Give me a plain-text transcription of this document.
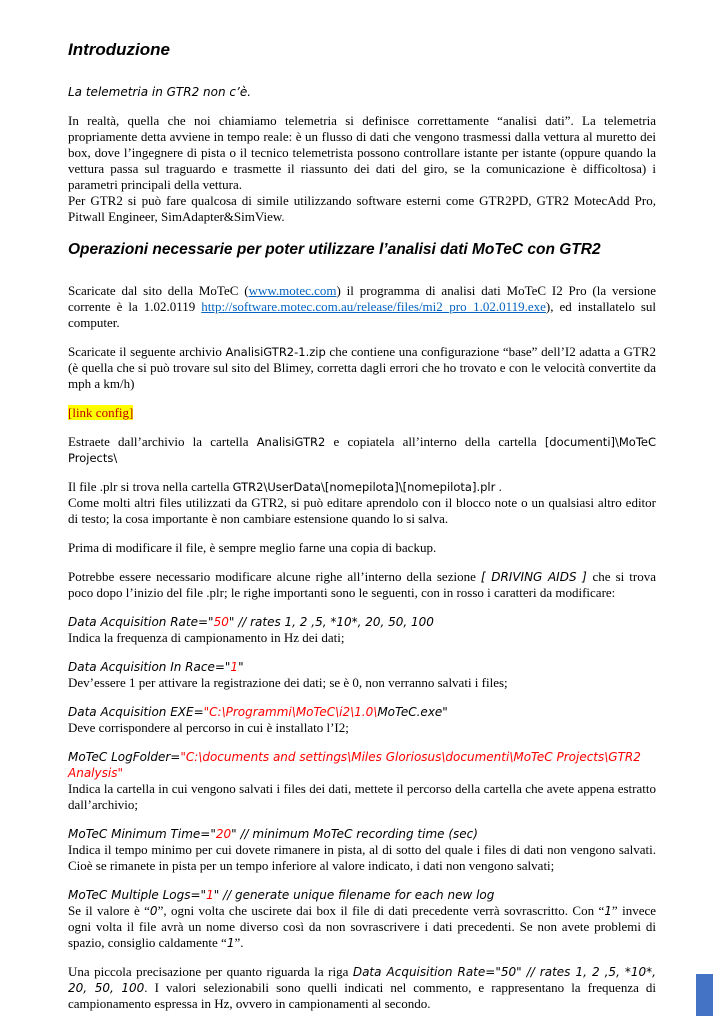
Introduzione

La telemetria in GTR2 non c’è.

In realtà, quella che noi chiamiamo telemetria si definisce correttamente “analisi dati”. La telemetria propriamente detta avviene in tempo reale: è un flusso di dati che vengono trasmessi dalla vettura al muretto dei box, dove l’ingegnere di pista o il tecnico telemetrista possono controllare istante per istante (oppure quando la vettura passa sul traguardo e trasmette il riassunto dei dati del giro, se la comunicazione è difficoltosa) i parametri principali della vettura.
Per GTR2 si può fare qualcosa di simile utilizzando software esterni come GTR2PD, GTR2 MotecAdd Pro, Pitwall Engineer, SimAdapter&SimView.

Operazioni necessarie per poter utilizzare l’analisi dati MoTeC con GTR2

Scaricate dal sito della MoTeC (www.motec.com) il programma di analisi dati MoTeC I2 Pro (la versione corrente è la 1.02.0119 http://software.motec.com.au/release/files/mi2_pro_1.02.0119.exe), ed installatelo sul computer.

Scaricate il seguente archivio AnalisiGTR2-1.zip che contiene una configurazione “base” dell’I2 adatta a GTR2 (è quella che si può trovare sul sito del Blimey, corretta dagli errori che ho trovato e con le velocità convertite da mph a km/h)

[link config]

Estraete dall’archivio la cartella AnalisiGTR2 e copiatela all’interno della cartella [documenti]\MoTeC Projects\

Il file .plr si trova nella cartella GTR2\UserData\[nomepilota]\[nomepilota].plr .
Come molti altri files utilizzati da GTR2, si può editare aprendolo con il blocco note o un qualsiasi altro editor di testo; la cosa importante è non cambiare estensione quando lo si salva.

Prima di modificare il file, è sempre meglio farne una copia di backup.

Potrebbe essere necessario modificare alcune righe all’interno della sezione [ DRIVING AIDS ] che si trova poco dopo l’inizio del file .plr; le righe importanti sono le seguenti, con in rosso i caratteri da modificare:

Data Acquisition Rate="50" // rates 1, 2 ,5, *10*, 20, 50, 100

Indica la frequenza di campionamento in Hz dei dati;

Data Acquisition In Race="1"

Dev’essere 1 per attivare la registrazione dei dati; se è 0, non verranno salvati i files;

Data Acquisition EXE="C:\Programmi\MoTeC\i2\1.0\MoTeC.exe"

Deve corrispondere al percorso in cui è installato l’I2;

MoTeC LogFolder="C:\documents and settings\Miles Gloriosus\documenti\MoTeC Projects\GTR2 Analysis"

Indica la cartella in cui vengono salvati i files dei dati, mettete il percorso della cartella che avete appena estratto dall’archivio;

MoTeC Minimum Time="20" // minimum MoTeC recording time (sec)

Indica il tempo minimo per cui dovete rimanere in pista, al di sotto del quale i files di dati non vengono salvati. Cioè se rimanete in pista per un tempo inferiore al valore indicato, i dati non vengono salvati;

MoTeC Multiple Logs="1" // generate unique filename for each new log

Se il valore è “0”, ogni volta che uscirete dai box il file di dati precedente verrà sovrascritto. Con “1” invece ogni volta il file avrà un nome diverso così da non sovrascrivere i dati precedenti. Se non avete problemi di spazio, consiglio caldamente “1”.

Una piccola precisazione per quanto riguarda la riga Data Acquisition Rate="50" // rates 1, 2 ,5, *10*, 20, 50, 100. I valori selezionabili sono quelli indicati nel commento, e rappresentano la frequenza di campionamento espressa in Hz, ovvero in campionamenti al secondo.
